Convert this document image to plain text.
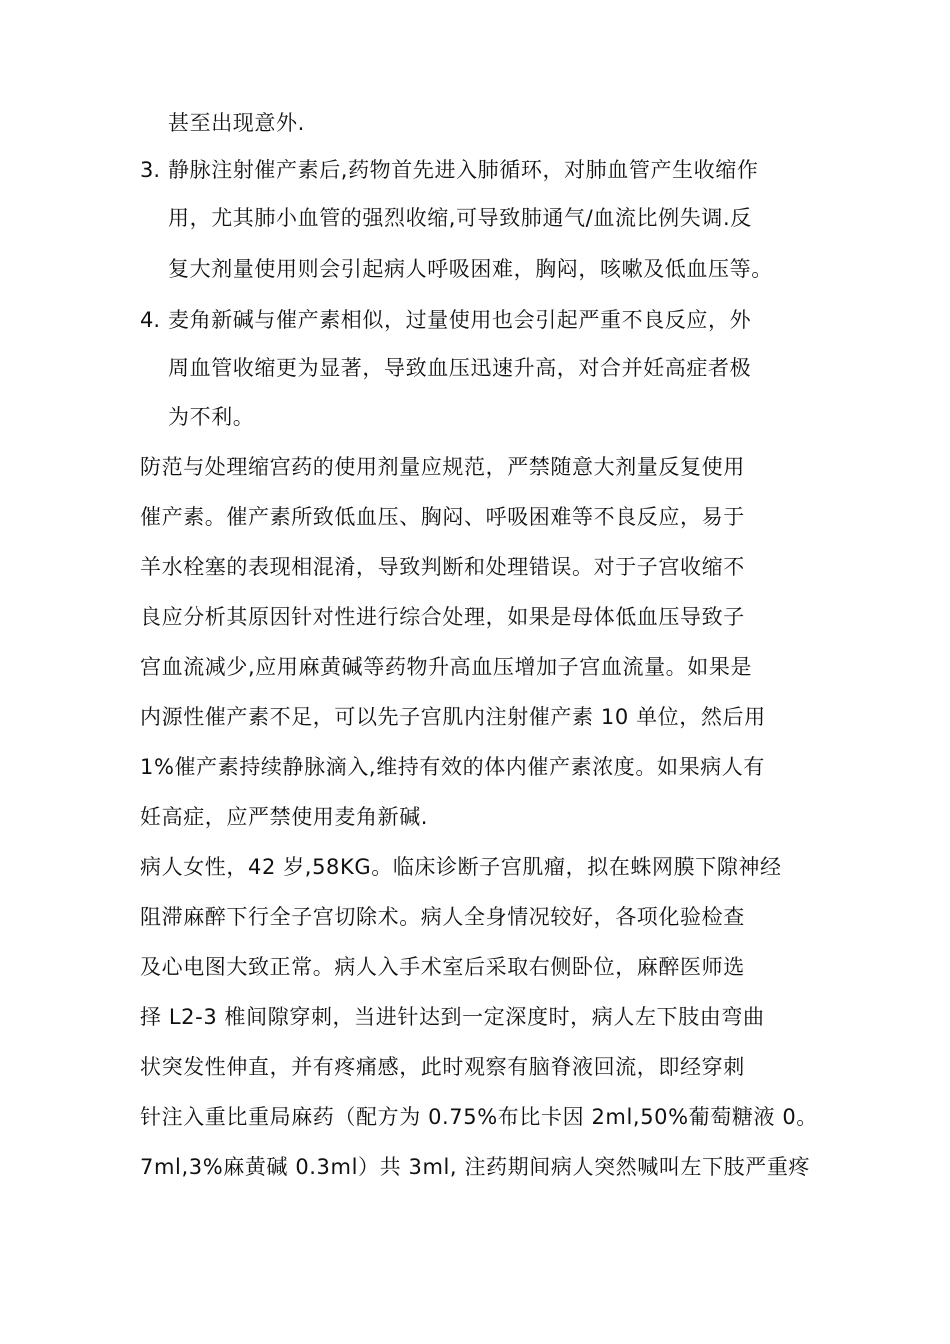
甚至出现意外.
3. 静脉注射催产素后,药物首先进入肺循环，对肺血管产生收缩作
用，尤其肺小血管的强烈收缩,可导致肺通气/血流比例失调.反
复大剂量使用则会引起病人呼吸困难，胸闷，咳嗽及低血压等。
4. 麦角新碱与催产素相似，过量使用也会引起严重不良反应，外
周血管收缩更为显著，导致血压迅速升高，对合并妊高症者极
为不利。
防范与处理缩宫药的使用剂量应规范，严禁随意大剂量反复使用
催产素。催产素所致低血压、胸闷、呼吸困难等不良反应，易于
羊水栓塞的表现相混淆，导致判断和处理错误。对于子宫收缩不
良应分析其原因针对性进行综合处理，如果是母体低血压导致子
宫血流减少,应用麻黄碱等药物升高血压增加子宫血流量。如果是
内源性催产素不足，可以先子宫肌内注射催产素 10 单位，然后用
1%催产素持续静脉滴入,维持有效的体内催产素浓度。如果病人有
妊高症，应严禁使用麦角新碱.
病人女性，42 岁,58KG。临床诊断子宫肌瘤，拟在蛛网膜下隙神经
阻滞麻醉下行全子宫切除术。病人全身情况较好，各项化验检查
及心电图大致正常。病人入手术室后采取右侧卧位，麻醉医师选
择 L2-3 椎间隙穿刺，当进针达到一定深度时，病人左下肢由弯曲
状突发性伸直，并有疼痛感，此时观察有脑脊液回流，即经穿刺
针注入重比重局麻药（配方为 0.75%布比卡因 2ml,50%葡萄糖液 0。
7ml,3%麻黄碱 0.3ml）共 3ml, 注药期间病人突然喊叫左下肢严重疼
